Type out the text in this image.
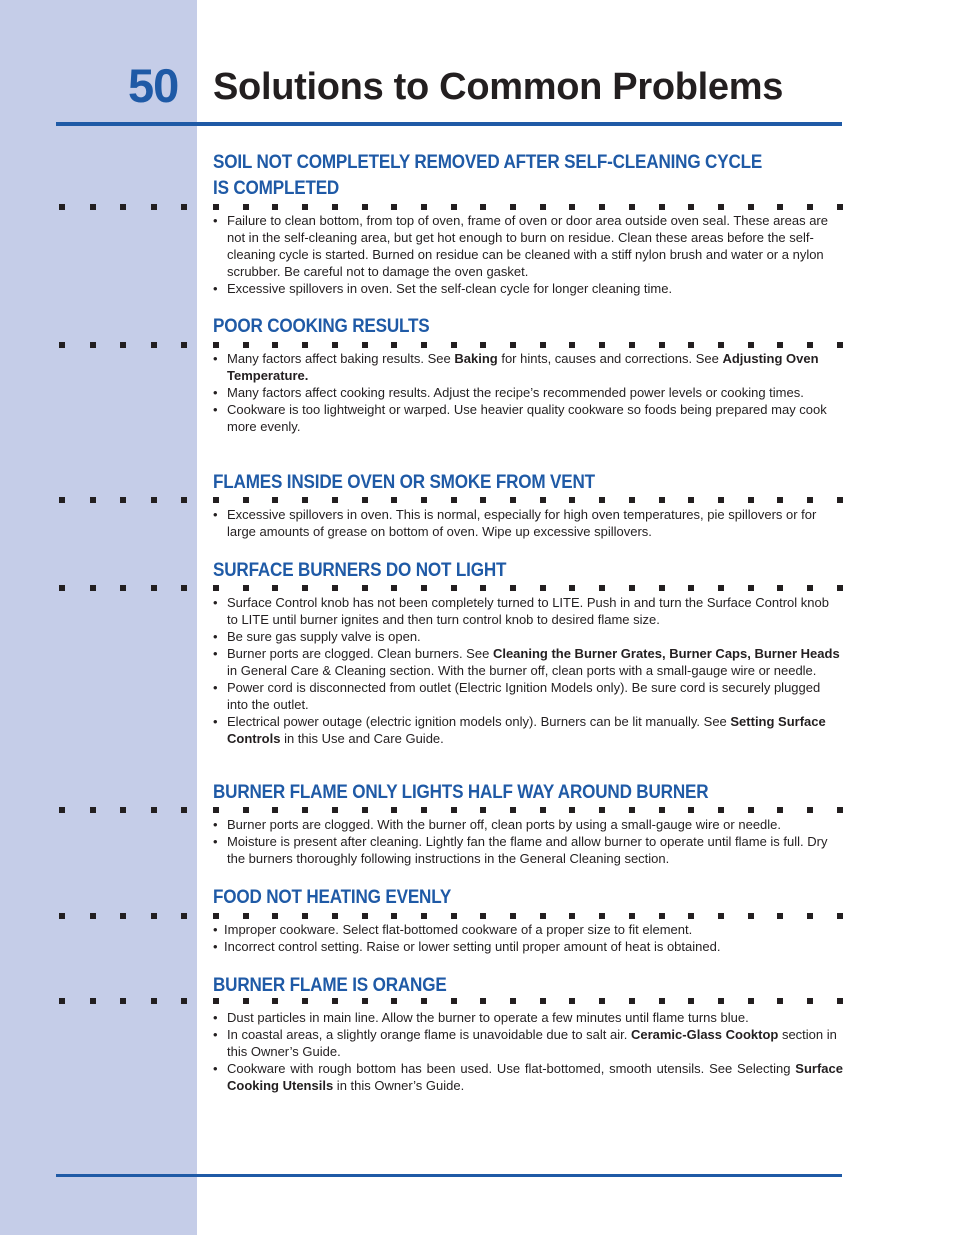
50 Solutions to Common Problems
SOIL NOT COMPLETELY REMOVED AFTER SELF-CLEANING CYCLE IS COMPLETED
• Failure to clean bottom, from top of oven, frame of oven or door area outside oven seal. These areas are not in the self-cleaning area, but get hot enough to burn on residue. Clean these areas before the self-cleaning cycle is started. Burned on residue can be cleaned with a stiff nylon brush and water or a nylon scrubber. Be careful not to damage the oven gasket.
• Excessive spillovers in oven. Set the self-clean cycle for longer cleaning time.
POOR COOKING RESULTS
• Many factors affect baking results. See Baking for hints, causes and corrections. See Adjusting Oven Temperature.
• Many factors affect cooking results. Adjust the recipe’s recommended power levels or cooking times.
• Cookware is too lightweight or warped. Use heavier quality cookware so foods being prepared may cook more evenly.
FLAMES INSIDE OVEN OR SMOKE FROM VENT
• Excessive spillovers in oven. This is normal, especially for high oven temperatures, pie spillovers or for large amounts of grease on bottom of oven. Wipe up excessive spillovers.
SURFACE BURNERS DO NOT LIGHT
• Surface Control knob has not been completely turned to LITE. Push in and turn the Surface Control knob to LITE until burner ignites and then turn control knob to desired flame size.
• Be sure gas supply valve is open.
• Burner ports are clogged. Clean burners. See Cleaning the Burner Grates, Burner Caps, Burner Heads in General Care & Cleaning section. With the burner off, clean ports with a small-gauge wire or needle.
• Power cord is disconnected from outlet (Electric Ignition Models only). Be sure cord is securely plugged into the outlet.
• Electrical power outage (electric ignition models only). Burners can be lit manually. See Setting Surface Controls in this Use and Care Guide.
BURNER FLAME ONLY LIGHTS HALF WAY AROUND BURNER
• Burner ports are clogged. With the burner off, clean ports by using a small-gauge wire or needle.
• Moisture is present after cleaning. Lightly fan the flame and allow burner to operate until flame is full. Dry the burners thoroughly following instructions in the General Cleaning section.
FOOD NOT HEATING EVENLY
• Improper cookware. Select flat-bottomed cookware of a proper size to fit element.
• Incorrect control setting. Raise or lower setting until proper amount of heat is obtained.
BURNER FLAME IS ORANGE
• Dust particles in main line. Allow the burner to operate a few minutes until flame turns blue.
• In coastal areas, a slightly orange flame is unavoidable due to salt air. Ceramic-Glass Cooktop section in this Owner’s Guide.
• Cookware with rough bottom has been used. Use flat-bottomed, smooth utensils. See Selecting Surface Cooking Utensils in this Owner’s Guide.
